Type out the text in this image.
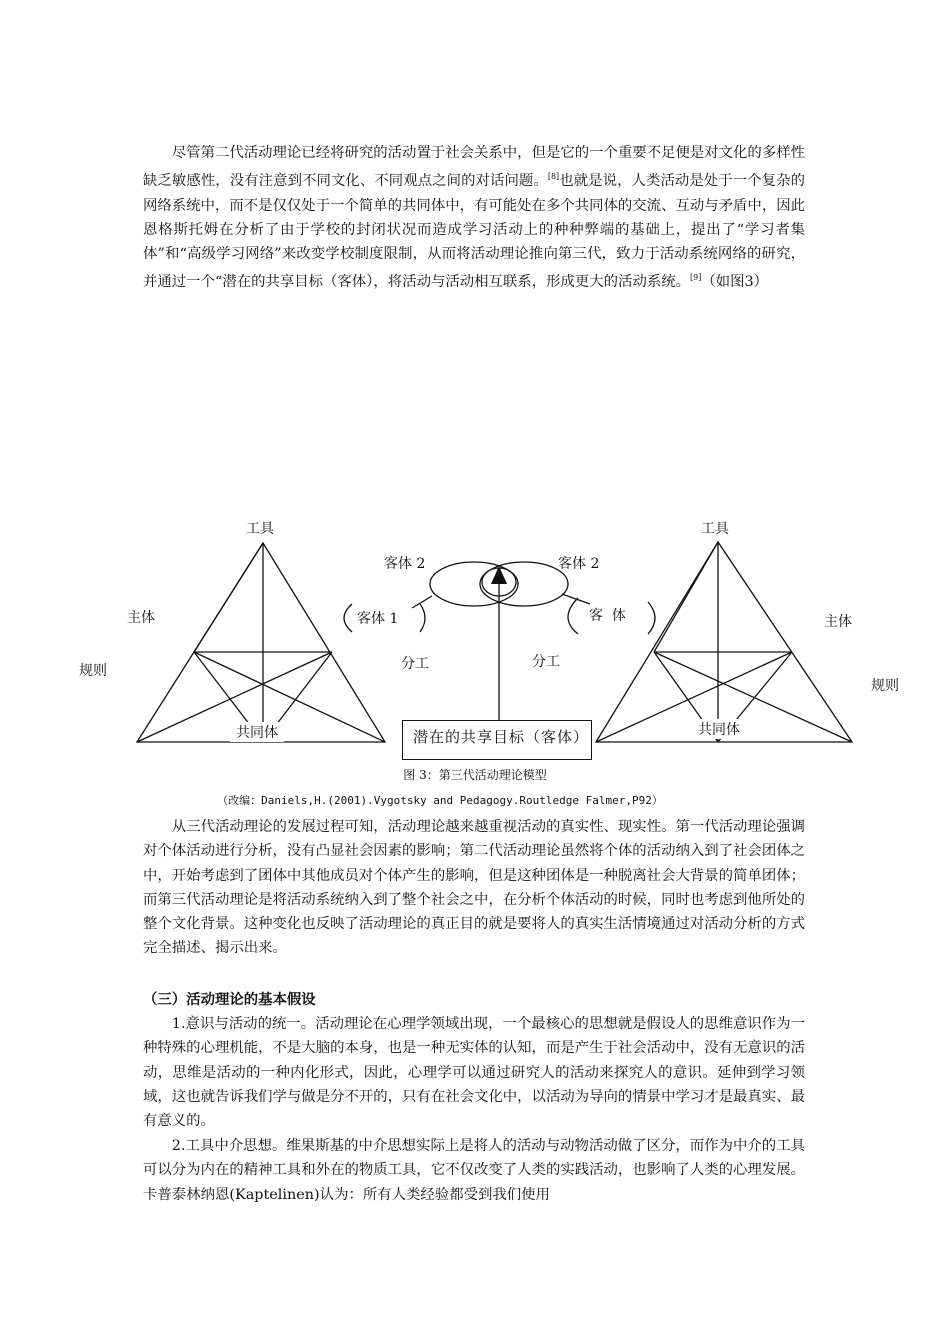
尽管第二代活动理论已经将研究的活动置于社会关系中，但是它的一个重要不足便是对文化的多样性缺乏敏感性，没有注意到不同文化、不同观点之间的对话问题。[8]也就是说，人类活动是处于一个复杂的网络系统中，而不是仅仅处于一个简单的共同体中，有可能处在多个共同体的交流、互动与矛盾中，因此恩格斯托姆在分析了由于学校的封闭状况而造成学习活动上的种种弊端的基础上，提出了“学习者集体”和“高级学习网络”来改变学校制度限制，从而将活动理论推向第三代，致力于活动系统网络的研究，并通过一个“潜在的共享目标（客体），将活动与活动相互联系，形成更大的活动系统。[9]（如图3）

工具
主体
规则
共同体
工具
主体
规则
共同体
客体 2	客体 2
客体 1	客  体
分工	分工
潜在的共享目标（客体）

图 3：第三代活动理论模型

（改编：Daniels,H.(2001).Vygotsky and Pedagogy.Routledge Falmer,P92）

从三代活动理论的发展过程可知，活动理论越来越重视活动的真实性、现实性。第一代活动理论强调对个体活动进行分析，没有凸显社会因素的影响；第二代活动理论虽然将个体的活动纳入到了社会团体之中，开始考虑到了团体中其他成员对个体产生的影响，但是这种团体是一种脱离社会大背景的简单团体；而第三代活动理论是将活动系统纳入到了整个社会之中，在分析个体活动的时候，同时也考虑到他所处的整个文化背景。这种变化也反映了活动理论的真正目的就是要将人的真实生活情境通过对活动分析的方式完全描述、揭示出来。

（三）活动理论的基本假设

1.意识与活动的统一。活动理论在心理学领域出现，一个最核心的思想就是假设人的思维意识作为一种特殊的心理机能，不是大脑的本身，也是一种无实体的认知，而是产生于社会活动中，没有无意识的活动，思维是活动的一种内化形式，因此，心理学可以通过研究人的活动来探究人的意识。延伸到学习领域，这也就告诉我们学与做是分不开的，只有在社会文化中，以活动为导向的情景中学习才是最真实、最有意义的。

2.工具中介思想。维果斯基的中介思想实际上是将人的活动与动物活动做了区分，而作为中介的工具可以分为内在的精神工具和外在的物质工具，它不仅改变了人类的实践活动，也影响了人类的心理发展。卡普泰林纳恩(Kaptelinen)认为：所有人类经验都受到我们使用
